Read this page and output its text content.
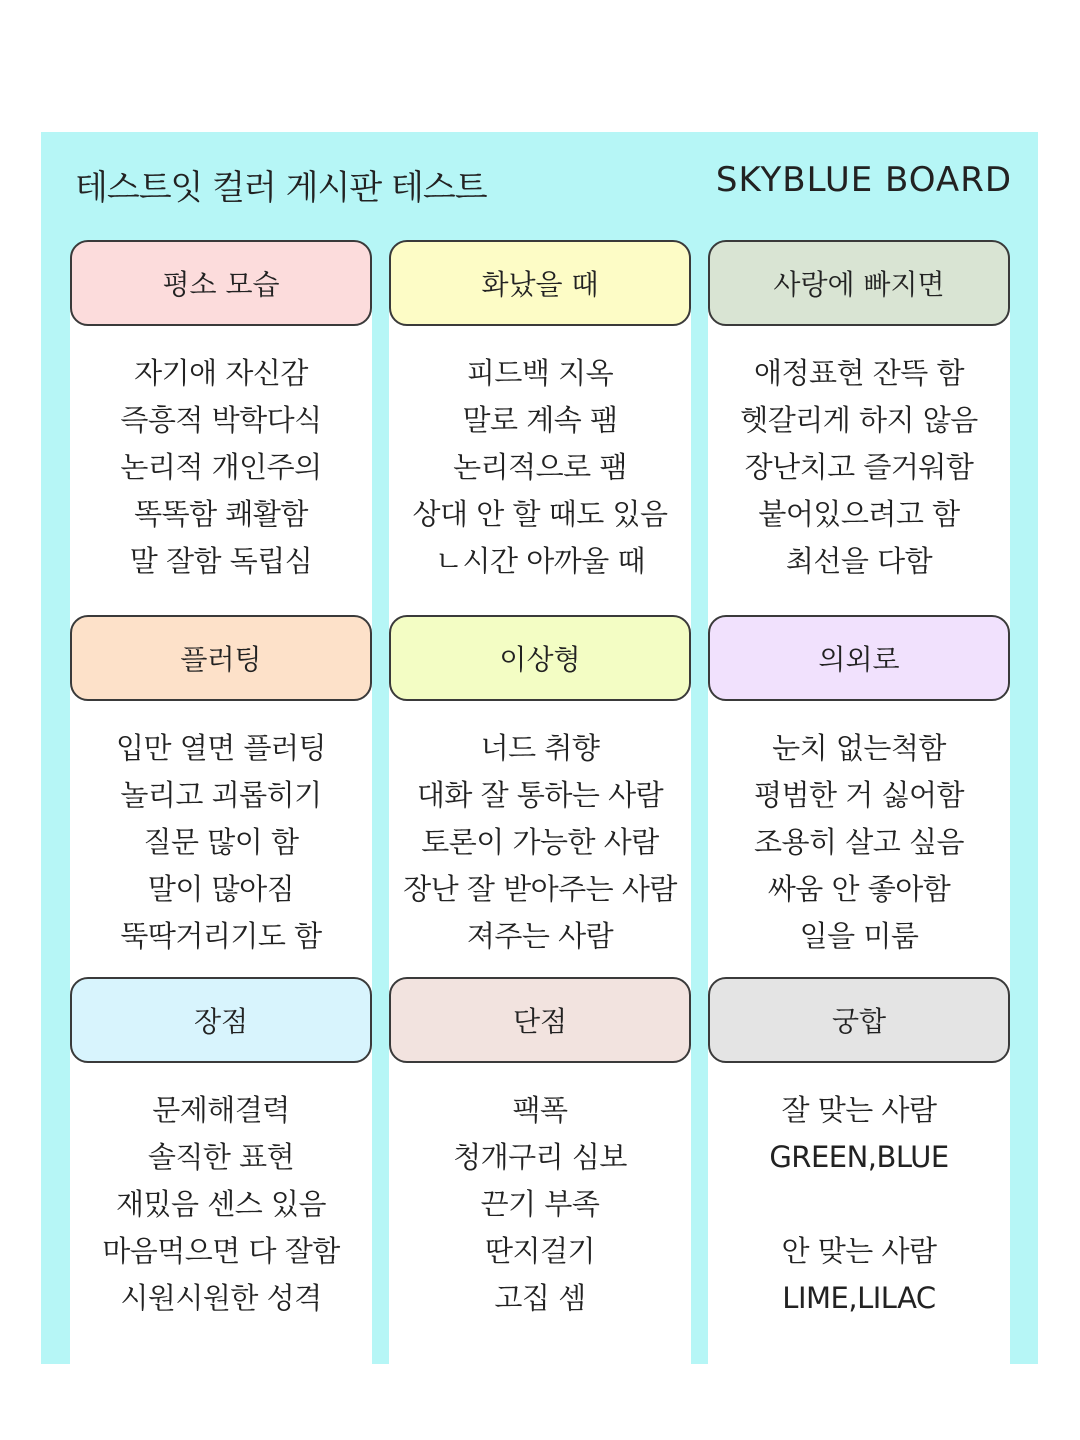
테스트잇 컬러 게시판 테스트	SKYBLUE BOARD
평소 모습
자기애 자신감
즉흥적 박학다식
논리적 개인주의
똑똑함 쾌활함
말 잘함 독립심
화났을 때
피드백 지옥
말로 계속 팸
논리적으로 팸
상대 안 할 때도 있음
ㄴ시간 아까울 때
사랑에 빠지면
애정표현 잔뜩 함
헷갈리게 하지 않음
장난치고 즐거워함
붙어있으려고 함
최선을 다함
플러팅
입만 열면 플러팅
놀리고 괴롭히기
질문 많이 함
말이 많아짐
뚝딱거리기도 함
이상형
너드 취향
대화 잘 통하는 사람
토론이 가능한 사람
장난 잘 받아주는 사람
져주는 사람
의외로
눈치 없는척함
평범한 거 싫어함
조용히 살고 싶음
싸움 안 좋아함
일을 미룸
장점
문제해결력
솔직한 표현
재밌음 센스 있음
마음먹으면 다 잘함
시원시원한 성격
단점
팩폭
청개구리 심보
끈기 부족
딴지걸기
고집 셈
궁합
잘 맞는 사람
GREEN,BLUE
안 맞는 사람
LIME,LILAC
